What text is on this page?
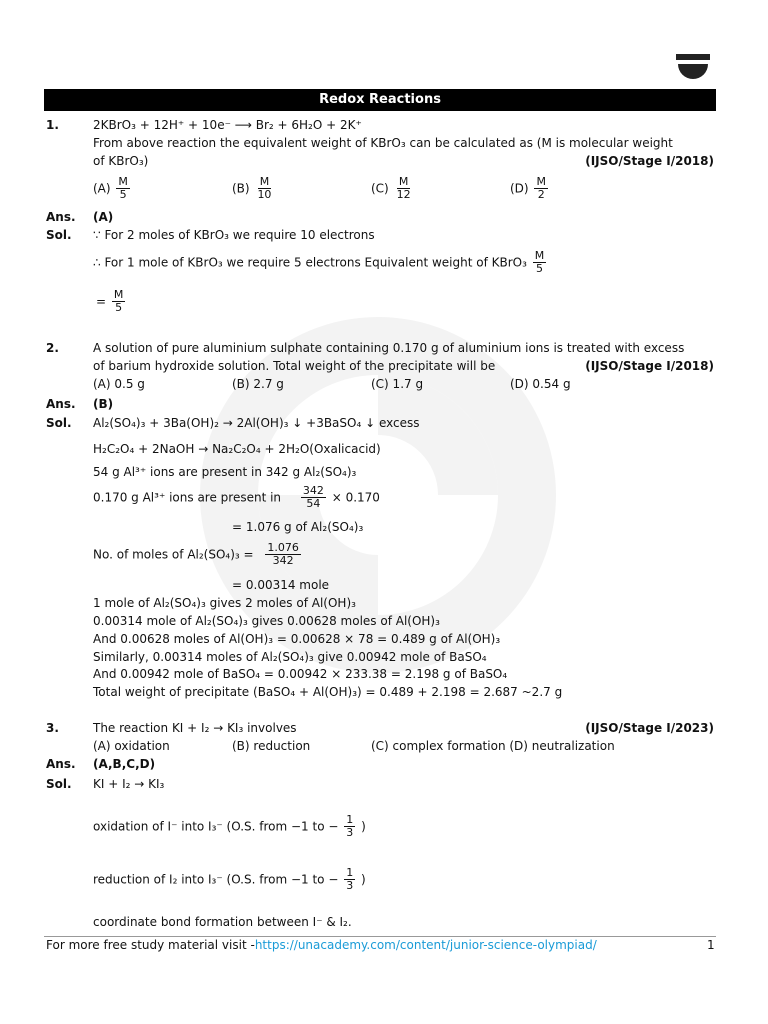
Redox Reactions
1.	2KBrO₃ + 12H⁺ + 10e⁻ ⟶ Br₂ + 6H₂O + 2K⁺
From above reaction the equivalent weight of KBrO₃ can be calculated as (M is molecular weight
of KBrO₃)	(IJSO/Stage I/2018)
$(A) \frac{M}{5}$	$(B) \frac{M}{10}$	$(C) \frac{M}{12}$	$(D) \frac{M}{2}$
Ans. (A)
Sol. ∵ For 2 moles of KBrO₃ we require 10 electrons
∴ For 1 mole of KBrO₃ we require 5 electrons Equivalent weight of KBrO₃ $\frac{M}{5}$
= $\frac{M}{5}$
2.	A solution of pure aluminium sulphate containing 0.170 g of aluminium ions is treated with excess
of barium hydroxide solution. Total weight of the precipitate will be	(IJSO/Stage I/2018)
(A) 0.5 g	(B) 2.7 g	(C) 1.7 g	(D) 0.54 g
Ans. (B)
Sol. Al₂(SO₄)₃ + 3Ba(OH)₂ → 2Al(OH)₃ ↓ +3BaSO₄ ↓ excess
H₂C₂O₄ + 2NaOH → Na₂C₂O₄ + 2H₂O(Oxalicacid)
54 g Al³⁺ ions are present in 342 g Al₂(SO₄)₃
0.170 g Al³⁺ ions are present in $\frac{342}{54} \times 0.170$
= 1.076 g of Al₂(SO₄)₃
No. of moles of $Al_2(SO_4)_3 = \frac{1.076}{342}$
= 0.00314 mole
1 mole of Al₂(SO₄)₃ gives 2 moles of Al(OH)₃
0.00314 mole of Al₂(SO₄)₃ gives 0.00628 moles of Al(OH)₃
And 0.00628 moles of Al(OH)₃ = 0.00628 × 78 = 0.489 g of Al(OH)₃
Similarly, 0.00314 moles of Al₂(SO₄)₃ give 0.00942 mole of BaSO₄
And 0.00942 mole of BaSO₄ = 0.00942 × 233.38 = 2.198 g of BaSO₄
Total weight of precipitate (BaSO₄ + Al(OH)₃) = 0.489 + 2.198 = 2.687 ~2.7 g
3.	The reaction KI + I₂ → KI₃ involves	(IJSO/Stage I/2023)
(A) oxidation	(B) reduction	(C) complex formation (D) neutralization
Ans. (A,B,C,D)
Sol. KI + I₂ → KI₃
oxidation of I⁻ into I₃⁻ (O.S. from −1 to − $\frac{1}{3}$ )
reduction of I₂ into I₃⁻ (O.S. from −1 to − $\frac{1}{3}$ )
coordinate bond formation between I⁻ & I₂.
For more free study material visit -https://unacademy.com/content/junior-science-olympiad/	1
